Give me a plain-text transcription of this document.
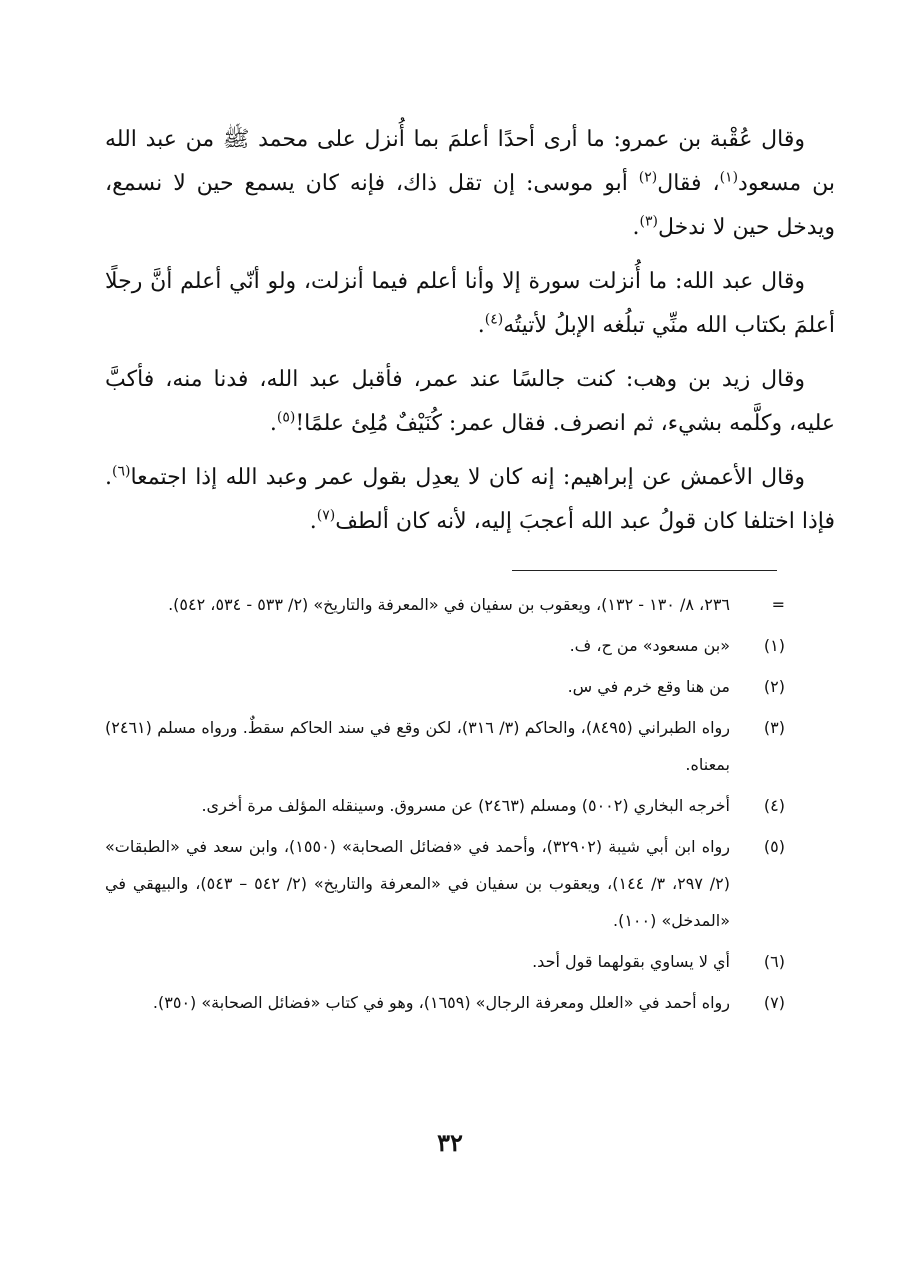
وقال عُقْبة بن عمرو: ما أرى أحدًا أعلمَ بما أُنزل على محمد ﷺ من عبد الله بن مسعود$^{(١)}$، فقال$^{(٢)}$ أبو موسى: إن تقل ذاك، فإنه كان يسمع حين لا نسمع، ويدخل حين لا ندخل$^{(٣)}$.

وقال عبد الله: ما أُنزلت سورة إلا وأنا أعلم فيما أنزلت، ولو أنّي أعلم أنَّ رجلًا أعلمَ بكتاب الله منِّي تبلُغه الإبلُ لأتيتُه$^{(٤)}$.

وقال زيد بن وهب: كنت جالسًا عند عمر، فأقبل عبد الله، فدنا منه، فأكبَّ عليه، وكلَّمه بشيء، ثم انصرف. فقال عمر: كُنَيْفٌ مُلِئ علمًا!$^{(٥)}$.

وقال الأعمش عن إبراهيم: إنه كان لا يعدِل بقول عمر وعبد الله إذا اجتمعا$^{(٦)}$. فإذا اختلفا كان قولُ عبد الله أعجبَ إليه، لأنه كان ألطف$^{(٧)}$.

=
٢٣٦، ٨/ ١٣٠ - ١٣٢)، ويعقوب بن سفيان في «المعرفة والتاريخ» (٢/ ٥٣٣ - ٥٣٤، ٥٤٢).
(١)
«بن مسعود» من ح، ف.
(٢)
من هنا وقع خرم في س.
(٣)
رواه الطبراني (٨٤٩٥)، والحاكم (٣/ ٣١٦)، لكن وقع في سند الحاكم سقطٌ. ورواه مسلم (٢٤٦١) بمعناه.
(٤)
أخرجه البخاري (٥٠٠٢) ومسلم (٢٤٦٣) عن مسروق. وسينقله المؤلف مرة أخرى.
(٥)
رواه ابن أبي شيبة (٣٢٩٠٢)، وأحمد في «فضائل الصحابة» (١٥٥٠)، وابن سعد في «الطبقات» (٢/ ٢٩٧، ٣/ ١٤٤)، ويعقوب بن سفيان في «المعرفة والتاريخ» (٢/ ٥٤٢ – ٥٤٣)، والبيهقي في «المدخل» (١٠٠).
(٦)
أي لا يساوي بقولهما قول أحد.
(٧)
رواه أحمد في «العلل ومعرفة الرجال» (١٦٥٩)، وهو في كتاب «فضائل الصحابة» (٣٥٠).
٣٢
